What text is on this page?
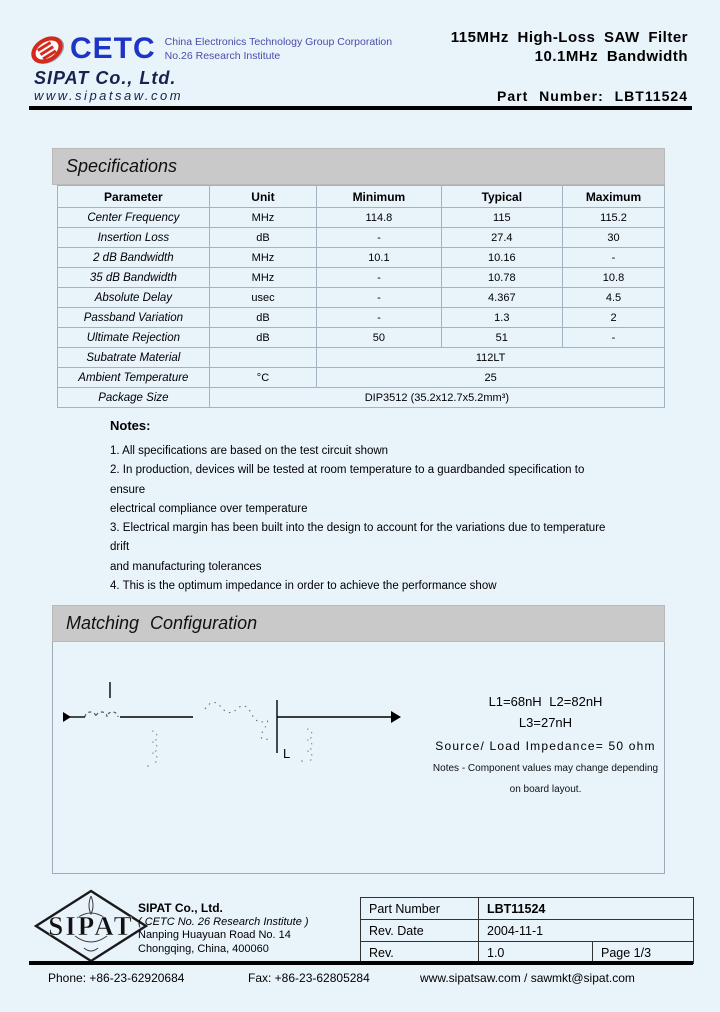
CETC China Electronics Technology Group Corporation
No.26 Research Institute
SIPAT Co., Ltd.
www.sipatsaw.com
115MHz High-Loss SAW Filter
10.1MHz Bandwidth
Part Number: LBT11524
Specifications
Parameter	Unit	Minimum	Typical	Maximum
Center Frequency	MHz	114.8	115	115.2
Insertion Loss	dB	-	27.4	30
2 dB Bandwidth	MHz	10.1	10.16	-
35 dB Bandwidth	MHz	-	10.78	10.8
Absolute Delay	usec	-	4.367	4.5
Passband Variation	dB	-	1.3	2
Ultimate Rejection	dB	50	51	-
Subatrate Material		112LT		
Ambient Temperature	°C	25		
Package Size	DIP3512 (35.2x12.7x5.2mm³)			
Notes:
1. All specifications are based on the test circuit shown
2. In production, devices will be tested at room temperature to a guardbanded specification to ensure
electrical compliance over temperature
3. Electrical margin has been built into the design to account for the variations due to temperature drift
and manufacturing tolerances
4. This is the optimum impedance in order to achieve the performance show
Matching Configuration
L
L1=68nH L2=82nH
L3=27nH
Source/ Load Impedance= 50 ohm
Notes - Component values may change depending
on board layout.
SIPAT
SIPAT Co., Ltd.
( CETC No. 26 Research Institute )
Nanping Huayuan Road No. 14
Chongqing, China, 400060
Part Number	LBT11524	
Rev. Date	2004-11-1	
Rev.	1.0	Page 1/3
Phone: +86-23-62920684	Fax: +86-23-62805284	www.sipatsaw.com / sawmkt@sipat.com
